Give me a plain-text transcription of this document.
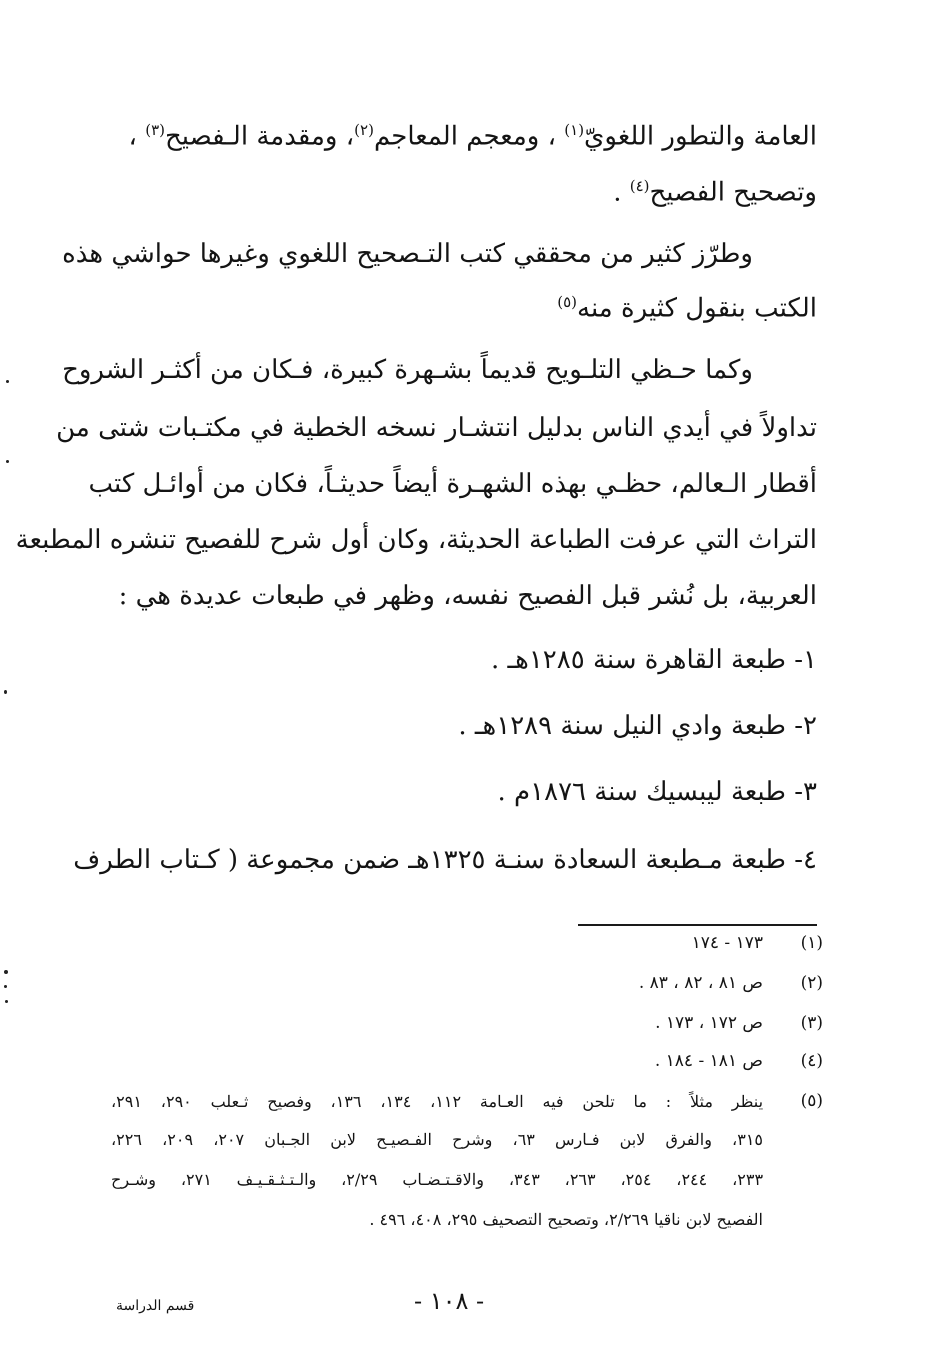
العامة والتطور اللغويّ$^{(١)}$ ، ومعجم المعاجم$^{(٢)}$، ومقدمة الـفصيح$^{(٣)}$ ،
وتصحيح الفصيح$^{(٤)}$ .
وطرّز كثير من محققي كتب التـصحيح اللغوي وغيرها حواشي هذه
الكتب بنقول كثيرة منه$^{(٥)}$
وكما حـظي التلـويح قديماً بشـهرة كبيرة، فـكان من أكثـر الشروح
تداولاً في أيدي الناس بدليل انتشـار نسخه الخطية في مكتـبات شتى من
أقطار الـعالم، حظـي بهذه الشهـرة أيضاً حديثـاً، فكان من أوائـل كتب
التراث التي عرفت الطباعة الحديثة، وكان أول شرح للفصيح تنشره المطبعة
العربية، بل نُشر قبل الفصيح نفسه، وظهر في طبعات عديدة هي :
١- طبعة القاهرة سنة ١٢٨٥هـ .
٢- طبعة وادي النيل سنة ١٢٨٩هـ .
٣- طبعة ليبسيك سنة ١٨٧٦م .
٤- طبعة مـطبعة السعادة سنـة ١٣٢٥هـ ضمن مجموعة ( كـتاب الطرف
(١)
١٧٣ - ١٧٤
(٢)
ص ٨١ ، ٨٢ ، ٨٣ .
(٣)
ص ١٧٢ ، ١٧٣ .
(٤)
ص ١٨١ - ١٨٤ .
(٥)
ينظر مثلاً : ما تلحن فيه العـامة ١١٢، ١٣٤، ١٣٦، وفصيح ثـعلب ٢٩٠، ٢٩١،
٣١٥، والفرق لابن فـارس ٦٣، وشرح الفـصيـح لابن الجـبان ٢٠٧، ٢٠٩، ٢٢٦،
٢٣٣، ٢٤٤، ٢٥٤، ٢٦٣، ٣٤٣، والاقـتـضـاب ٢/٢٩، والـتـثـقـيـف ٢٧١، وشـرح
الفصيح لابن ناقيا ٢/٢٦٩، وتصحيح التصحيف ٢٩٥، ٤٠٨، ٤٩٦ .
- ١٠٨ -
قسم الدراسة
